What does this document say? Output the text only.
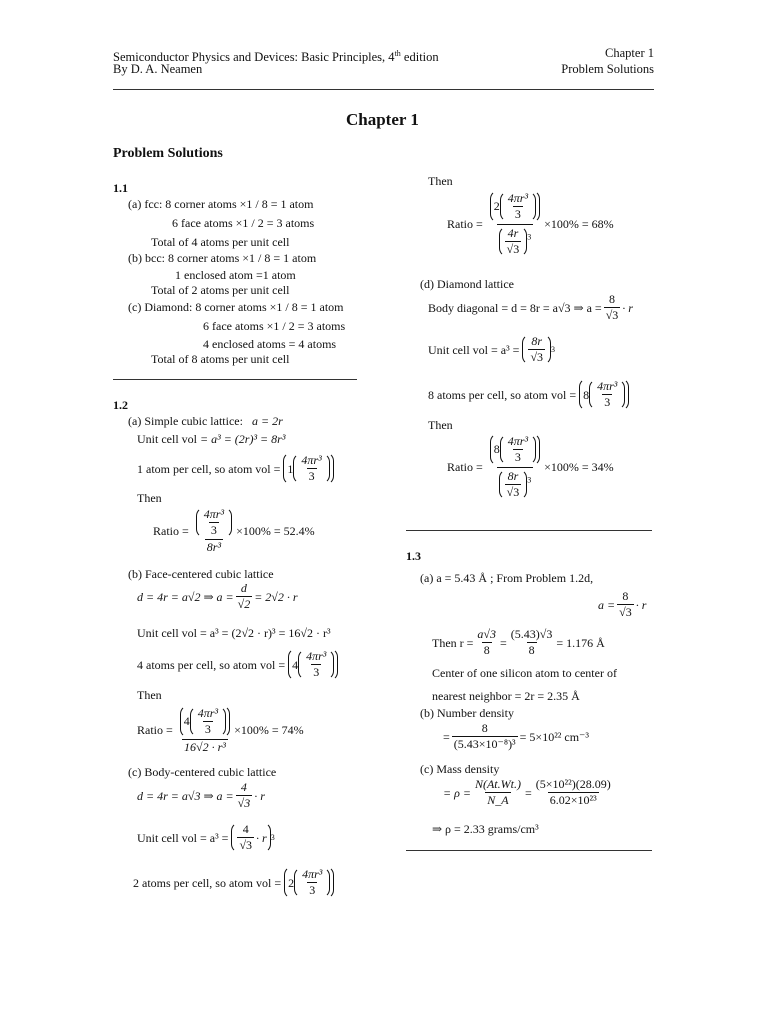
Semiconductor Physics and Devices: Basic Principles, 4th edition
By D. A. Neamen
Chapter 1
Problem Solutions
Chapter 1
Problem Solutions
1.1
(a) fcc: 8 corner atoms ×1 / 8 = 1 atom
6 face atoms ×1 / 2 = 3 atoms
Total of 4 atoms per unit cell
(b) bcc: 8 corner atoms ×1 / 8 = 1 atom
1 enclosed atom =1 atom
Total of 2 atoms per unit cell
(c) Diamond: 8 corner atoms ×1 / 8 = 1 atom
6 face atoms ×1 / 2 = 3 atoms
4 enclosed atoms = 4 atoms
Total of 8 atoms per unit cell
1.2
(a) Simple cubic lattice: a = 2r
Unit cell vol = a³ = (2r)³ = 8r³
1 atom per cell, so atom vol = $1 \frac{\text{4πr³}}{3}$
Then
Ratio = $\frac{\frac{\text{4πr³}}{3}}{\text{8r³}} \times 100\% = 52.4\%$
(b) Face-centered cubic lattice
d = 4r = a√2 ⇒ $a = \frac{d}{√2} = 2√2 \cdot r$
Unit cell vol = a³ = (2√2 · r)³ = 16√2 · r³
4 atoms per cell, so atom vol = $4 \frac{\text{4πr³}}{3}$
Then
Ratio = $\frac{4 \frac{\text{4πr³}}{3}}{\text{16√2 · r³}} \times 100\% = 74\%$
(c) Body-centered cubic lattice
d = 4r = a√3 ⇒ $a = \frac{4}{√3} \cdot r$
Unit cell vol = a³ =
$\frac{4}{√3} \cdot r$ 3
2 atoms per cell, so atom vol = $2 \frac{\text{4πr³}}{3}$
Then
Ratio = $\frac{2 \frac{\text{4πr³}}{3}}{\frac{4r}{√3} ^3} \times 100\% = 68\%$
(d) Diamond lattice
Body diagonal = d = 8r = a√3 ⇒ $a = \frac{8}{√3} \cdot r$
Unit cell vol = a³ =
$\frac{8r}{√3} 3$
8 atoms per cell, so atom vol = $8 \frac{\text{4πr³}}{3}$
Then
Ratio = $\frac{8 \frac{\text{4πr³}}{3}}{\frac{8r}{√3} ^3} \times 100\% = 34\%$
1.3
(a) a = 5.43 Å ; From Problem 1.2d,
$a = \frac{8}{√3} \cdot r$
Then $r = \frac{a√3}{8} = \frac{(5.43)√3}{8} = 1.176$ Å
Center of one silicon atom to center of
nearest neighbor = 2r = 2.35 Å
(b) Number density
= $\frac{8}{\text{(5.43×10⁻⁸)³}} = 5\times 10^{22}$ cm⁻³
(c) Mass density
= $\rho = \frac{N(At.Wt.)}{N\_A} = \frac{\text{(5×10²²)(28.09)}}{\text{6.02×10²³}}$
⇒ ρ = 2.33 grams/cm³
